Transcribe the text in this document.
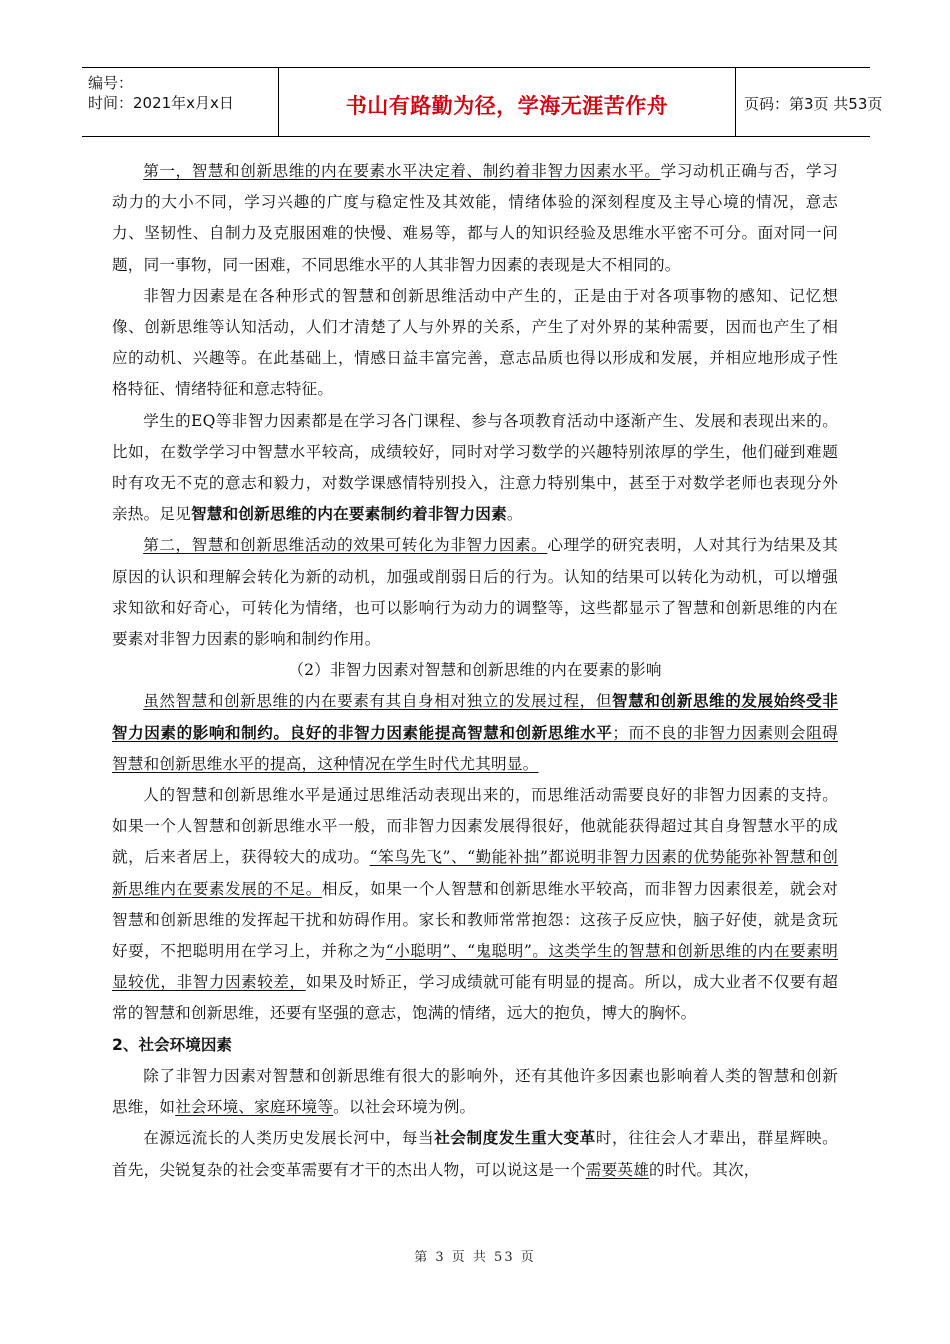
编号：
时间：2021年x月x日	书山有路勤为径，学海无涯苦作舟	页码：第3页 共53页

第一，智慧和创新思维的内在要素水平决定着、制约着非智力因素水平。学习动机正确与否，学习动力的大小不同，学习兴趣的广度与稳定性及其效能，情绪体验的深刻程度及主导心境的情况，意志力、坚韧性、自制力及克服困难的快慢、难易等，都与人的知识经验及思维水平密不可分。面对同一问题，同一事物，同一困难，不同思维水平的人其非智力因素的表现是大不相同的。

非智力因素是在各种形式的智慧和创新思维活动中产生的，正是由于对各项事物的感知、记忆想像、创新思维等认知活动，人们才清楚了人与外界的关系，产生了对外界的某种需要，因而也产生了相应的动机、兴趣等。在此基础上，情感日益丰富完善，意志品质也得以形成和发展，并相应地形成子性格特征、情绪特征和意志特征。

学生的EQ等非智力因素都是在学习各门课程、参与各项教育活动中逐渐产生、发展和表现出来的。比如，在数学学习中智慧水平较高，成绩较好，同时对学习数学的兴趣特别浓厚的学生，他们碰到难题时有攻无不克的意志和毅力，对数学课感情特别投入，注意力特别集中，甚至于对数学老师也表现分外亲热。足见智慧和创新思维的内在要素制约着非智力因素。

第二，智慧和创新思维活动的效果可转化为非智力因素。心理学的研究表明，人对其行为结果及其原因的认识和理解会转化为新的动机，加强或削弱日后的行为。认知的结果可以转化为动机，可以增强求知欲和好奇心，可转化为情绪，也可以影响行为动力的调整等，这些都显示了智慧和创新思维的内在要素对非智力因素的影响和制约作用。

（2）非智力因素对智慧和创新思维的内在要素的影响

虽然智慧和创新思维的内在要素有其自身相对独立的发展过程，但智慧和创新思维的发展始终受非智力因素的影响和制约。良好的非智力因素能提高智慧和创新思维水平；而不良的非智力因素则会阻碍智慧和创新思维水平的提高，这种情况在学生时代尤其明显。

人的智慧和创新思维水平是通过思维活动表现出来的，而思维活动需要良好的非智力因素的支持。如果一个人智慧和创新思维水平一般，而非智力因素发展得很好，他就能获得超过其自身智慧水平的成就，后来者居上，获得较大的成功。“笨鸟先飞”、“勤能补拙”都说明非智力因素的优势能弥补智慧和创新思维内在要素发展的不足。相反，如果一个人智慧和创新思维水平较高，而非智力因素很差，就会对智慧和创新思维的发挥起干扰和妨碍作用。家长和教师常常抱怨：这孩子反应快，脑子好使，就是贪玩好耍，不把聪明用在学习上，并称之为“小聪明”、“鬼聪明”。这类学生的智慧和创新思维的内在要素明显较优，非智力因素较差，如果及时矫正，学习成绩就可能有明显的提高。所以，成大业者不仅要有超常的智慧和创新思维，还要有坚强的意志，饱满的情绪，远大的抱负，博大的胸怀。

2、社会环境因素

除了非智力因素对智慧和创新思维有很大的影响外，还有其他许多因素也影响着人类的智慧和创新思维，如社会环境、家庭环境等。以社会环境为例。

在源远流长的人类历史发展长河中，每当社会制度发生重大变革时，往往会人才辈出，群星辉映。首先，尖锐复杂的社会变革需要有才干的杰出人物，可以说这是一个需要英雄的时代。其次，

第 3 页 共 53 页
